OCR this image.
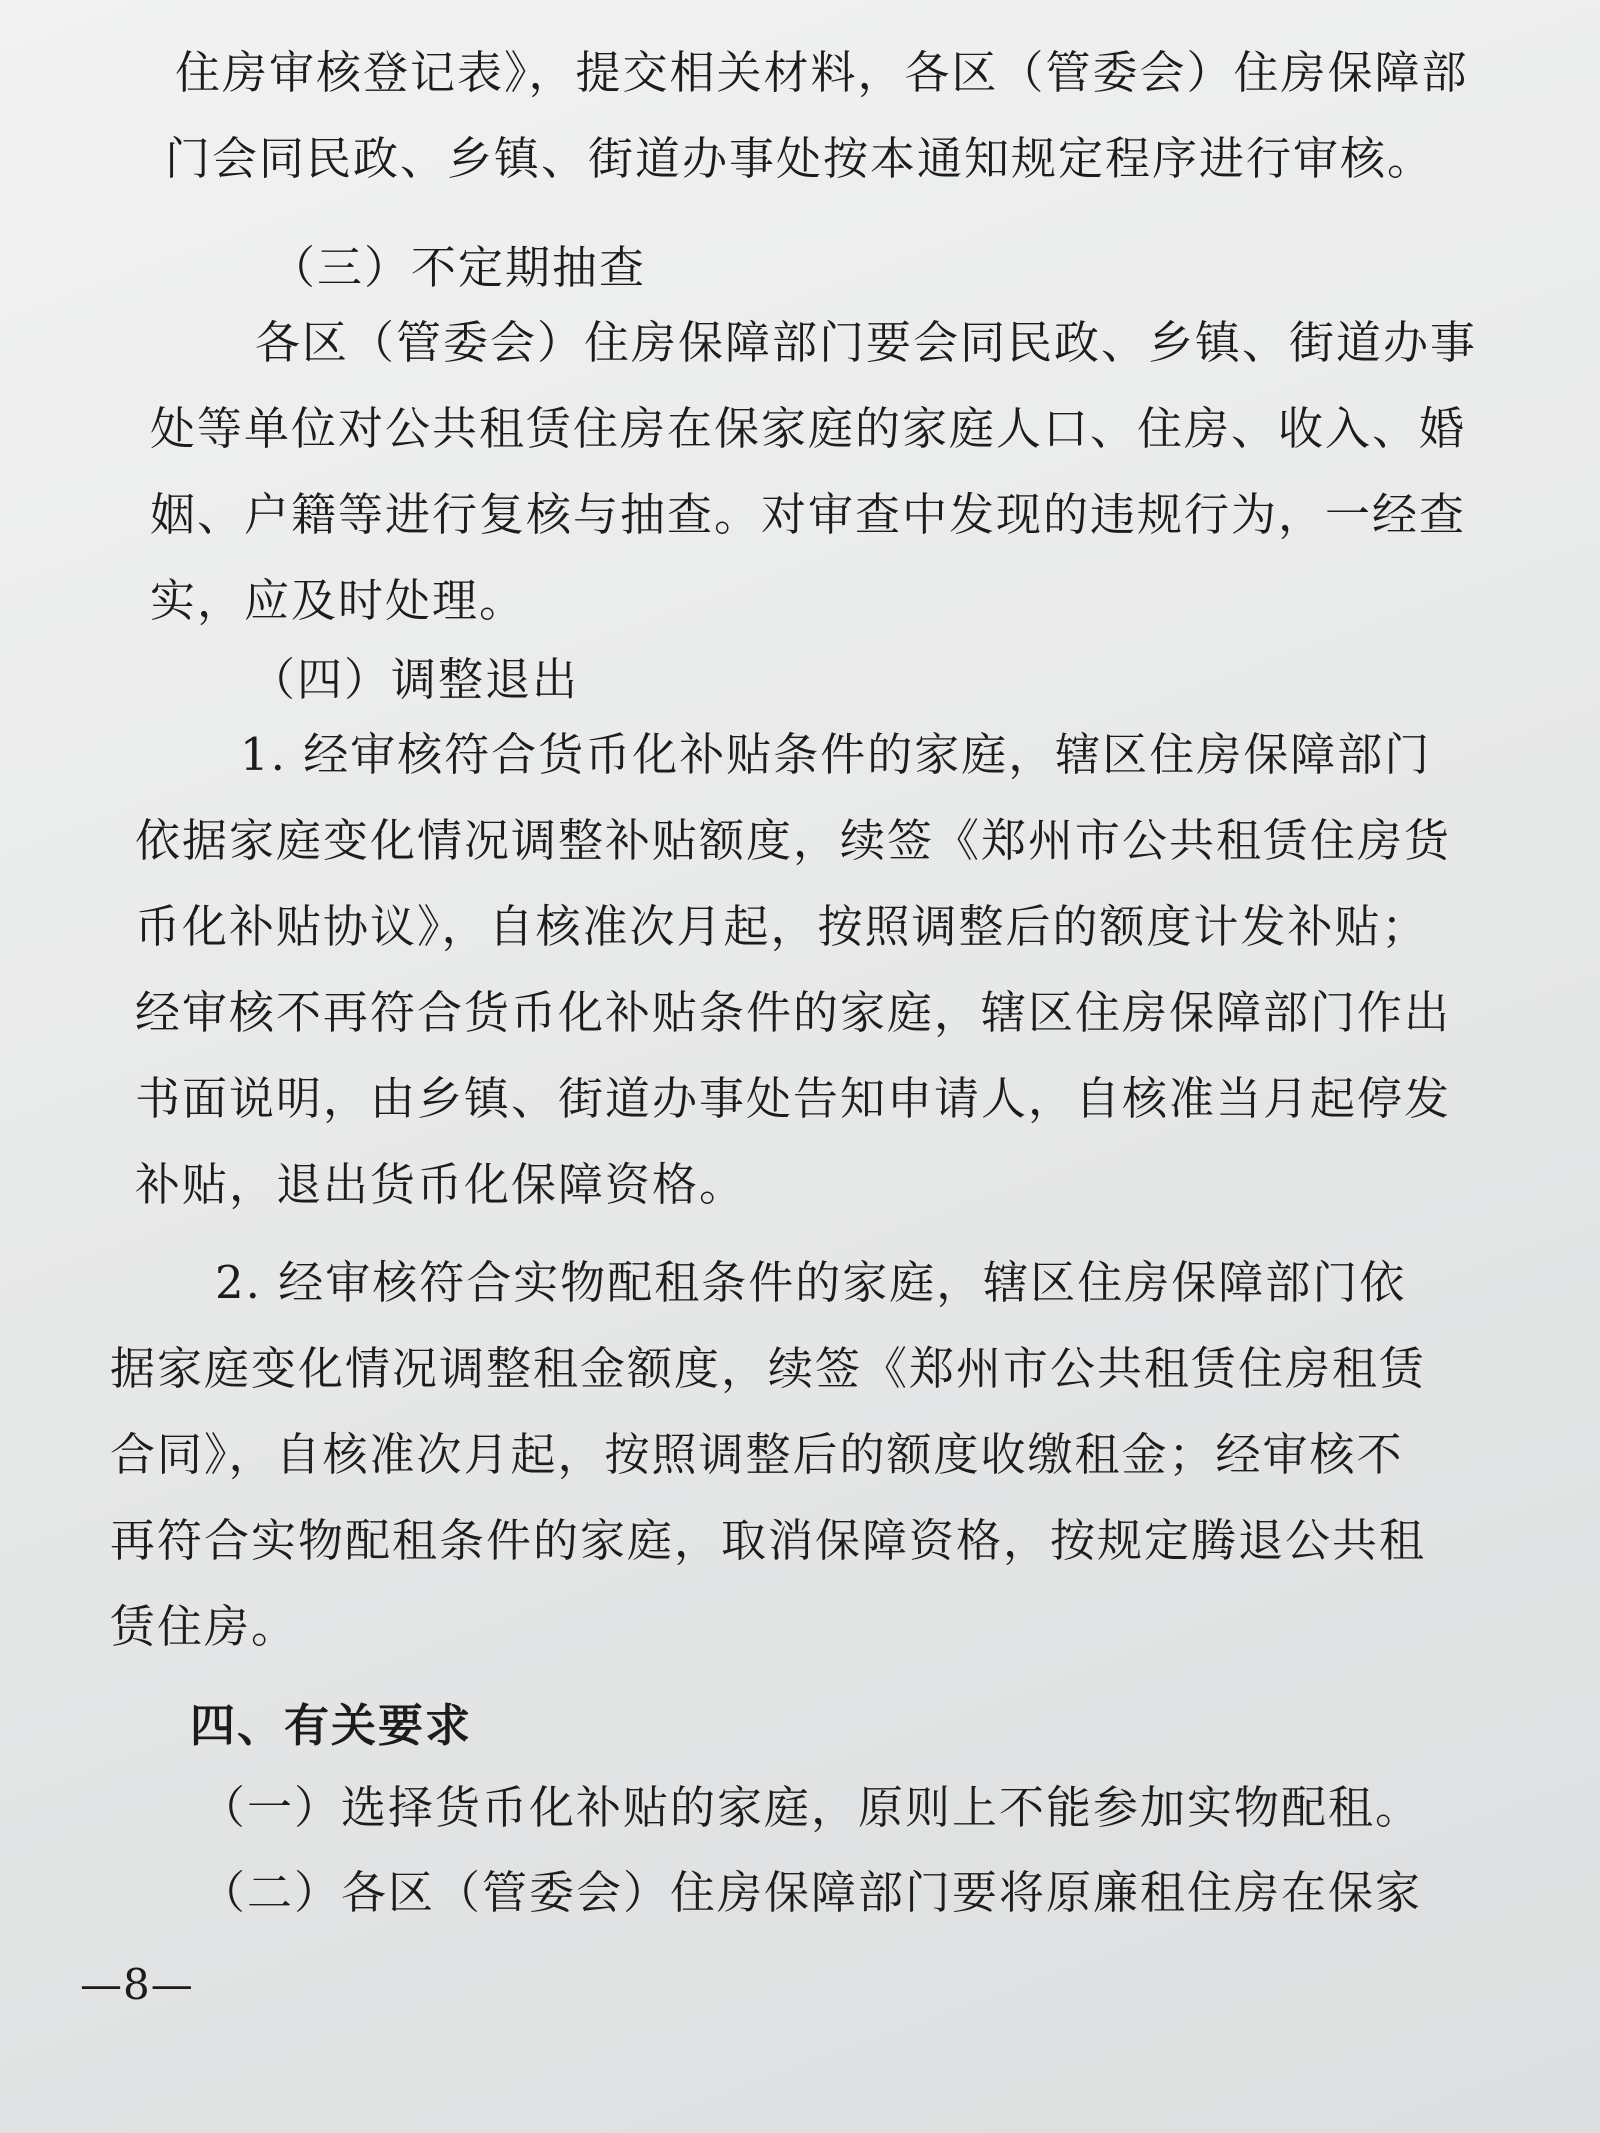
住房审核登记表》，提交相关材料，各区（管委会）住房保障部
门会同民政、乡镇、街道办事处按本通知规定程序进行审核。
（三）不定期抽查
各区（管委会）住房保障部门要会同民政、乡镇、街道办事
处等单位对公共租赁住房在保家庭的家庭人口、住房、收入、婚
姻、户籍等进行复核与抽查。对审查中发现的违规行为，一经查
实，应及时处理。
（四）调整退出
1. 经审核符合货币化补贴条件的家庭，辖区住房保障部门
依据家庭变化情况调整补贴额度，续签《郑州市公共租赁住房货
币化补贴协议》，自核准次月起，按照调整后的额度计发补贴；
经审核不再符合货币化补贴条件的家庭，辖区住房保障部门作出
书面说明，由乡镇、街道办事处告知申请人，自核准当月起停发
补贴，退出货币化保障资格。
2. 经审核符合实物配租条件的家庭，辖区住房保障部门依
据家庭变化情况调整租金额度，续签《郑州市公共租赁住房租赁
合同》，自核准次月起，按照调整后的额度收缴租金；经审核不
再符合实物配租条件的家庭，取消保障资格，按规定腾退公共租
赁住房。
四、有关要求
（一）选择货币化补贴的家庭，原则上不能参加实物配租。
（二）各区（管委会）住房保障部门要将原廉租住房在保家
—8—
